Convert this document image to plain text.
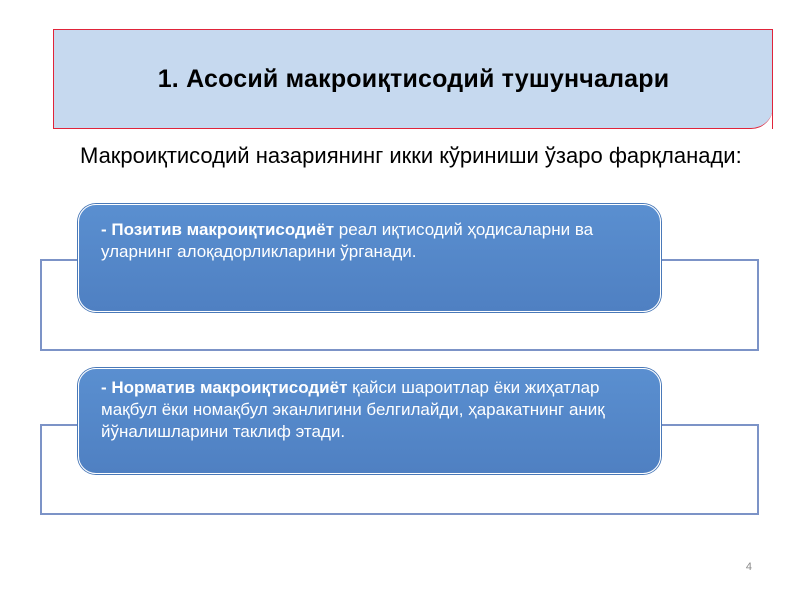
1. Асосий макроиқтисодий тушунчалари
Макроиқтисодий назариянинг икки кўриниши ўзаро фарқланади:
- Позитив макроиқтисодиёт реал иқтисодий ҳодисаларни ва уларнинг алоқадорликларини ўрганади.
- Норматив макроиқтисодиёт қайси шароитлар ёки жиҳатлар мақбул ёки номақбул эканлигини белгилайди, ҳаракатнинг аниқ йўналишларини таклиф этади.
4
